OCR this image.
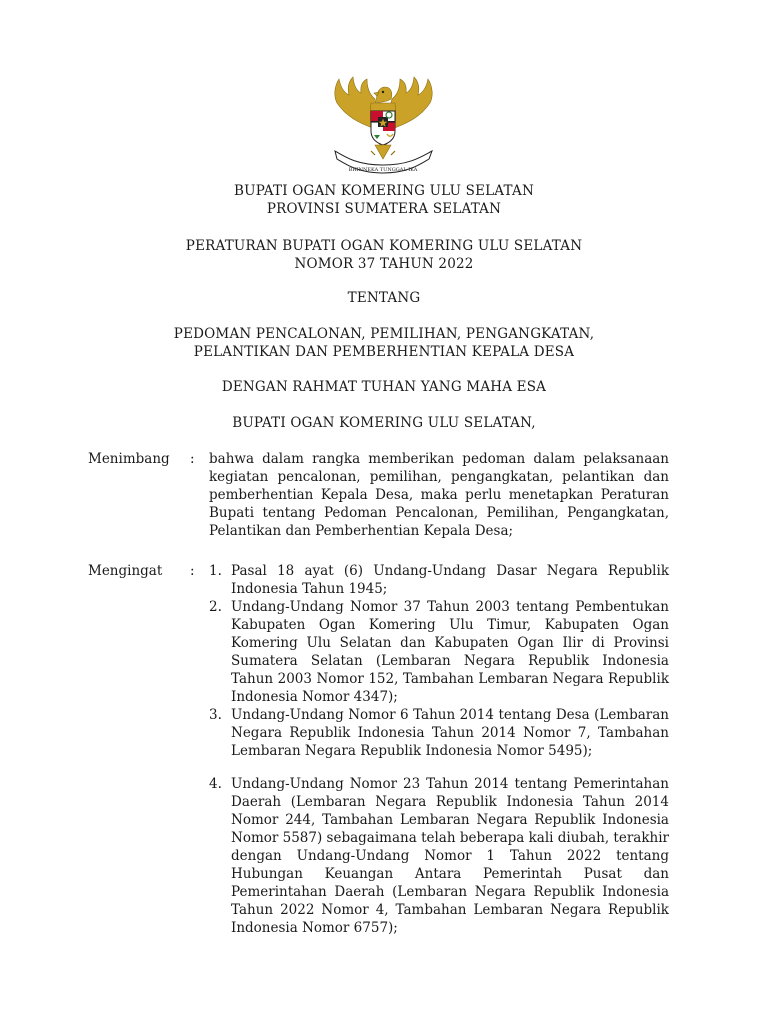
BHINNEKA TUNGGAL IKA
BUPATI OGAN KOMERING ULU SELATAN
PROVINSI SUMATERA SELATAN
PERATURAN BUPATI OGAN KOMERING ULU SELATAN
NOMOR 37 TAHUN 2022
TENTANG
PEDOMAN PENCALONAN, PEMILIHAN, PENGANGKATAN,
PELANTIKAN DAN PEMBERHENTIAN KEPALA DESA
DENGAN RAHMAT TUHAN YANG MAHA ESA
BUPATI OGAN KOMERING ULU SELATAN,
Menimbang : bahwa dalam rangka memberikan pedoman dalam pelaksanaan kegiatan pencalonan, pemilihan, pengangkatan, pelantikan dan pemberhentian Kepala Desa, maka perlu menetapkan Peraturan Bupati tentang Pedoman Pencalonan, Pemilihan, Pengangkatan, Pelantikan dan Pemberhentian Kepala Desa;
Mengingat : 1. Pasal 18 ayat (6) Undang-Undang Dasar Negara Republik Indonesia Tahun 1945;
2. Undang-Undang Nomor 37 Tahun 2003 tentang Pembentukan Kabupaten Ogan Komering Ulu Timur, Kabupaten Ogan Komering Ulu Selatan dan Kabupaten Ogan Ilir di Provinsi Sumatera Selatan (Lembaran Negara Republik Indonesia Tahun 2003 Nomor 152, Tambahan Lembaran Negara Republik Indonesia Nomor 4347);
3. Undang-Undang Nomor 6 Tahun 2014 tentang Desa (Lembaran Negara Republik Indonesia Tahun 2014 Nomor 7, Tambahan Lembaran Negara Republik Indonesia Nomor 5495);
4. Undang-Undang Nomor 23 Tahun 2014 tentang Pemerintahan Daerah (Lembaran Negara Republik Indonesia Tahun 2014 Nomor 244, Tambahan Lembaran Negara Republik Indonesia Nomor 5587) sebagaimana telah beberapa kali diubah, terakhir dengan Undang-Undang Nomor 1 Tahun 2022 tentang Hubungan Keuangan Antara Pemerintah Pusat dan Pemerintahan Daerah (Lembaran Negara Republik Indonesia Tahun 2022 Nomor 4, Tambahan Lembaran Negara Republik Indonesia Nomor 6757);
